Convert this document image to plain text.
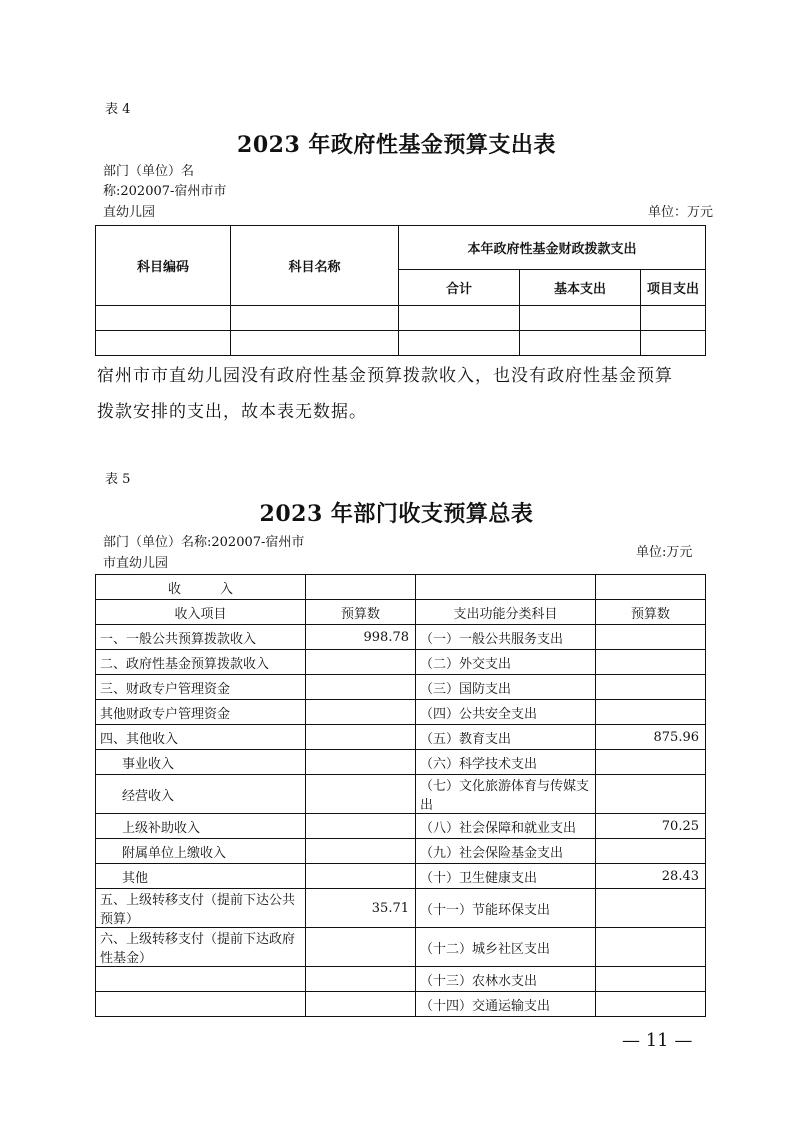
表 4
2023 年政府性基金预算支出表
部门（单位）名
称:202007-宿州市市
直幼儿园	单位：万元
科目编码	科目名称	本年政府性基金财政拨款支出		
		合计	基本支出	项目支出

宿州市市直幼儿园没有政府性基金预算拨款收入，也没有政府性基金预算
拨款安排的支出，故本表无数据。
表 5
2023 年部门收支预算总表
部门（单位）名称:202007-宿州市
市直幼儿园
单位:万元
收　　　入			
收入项目	预算数	支出功能分类科目	预算数
一、一般公共预算拨款收入	998.78	（一）一般公共服务支出	
二、政府性基金预算拨款收入		（二）外交支出	
三、财政专户管理资金		（三）国防支出	
其他财政专户管理资金		（四）公共安全支出	
四、其他收入		（五）教育支出	875.96
事业收入		（六）科学技术支出	
经营收入		（七）文化旅游体育与传媒支出	
上级补助收入		（八）社会保障和就业支出	70.25
附属单位上缴收入		（九）社会保险基金支出	
其他		（十）卫生健康支出	28.43
五、上级转移支付（提前下达公共预算）	35.71	（十一）节能环保支出	
六、上级转移支付（提前下达政府性基金）		（十二）城乡社区支出	
		（十三）农林水支出	
		（十四）交通运输支出	
— 11 —
